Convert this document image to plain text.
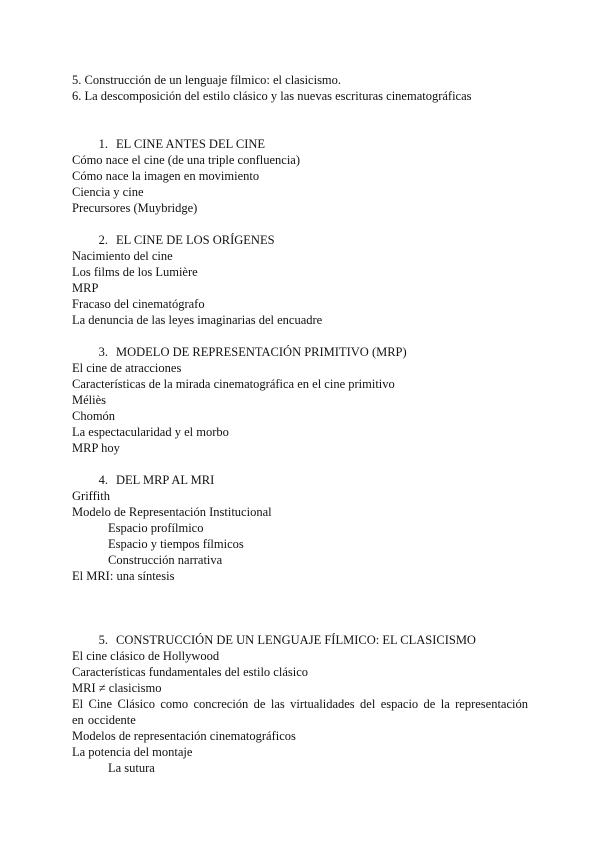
5. Construcción de un lenguaje fílmico: el clasicismo.
6. La descomposición del estilo clásico y las nuevas escrituras cinematográficas
1. EL CINE ANTES DEL CINE
Cómo nace el cine (de una triple confluencia)
Cómo nace la imagen en movimiento
Ciencia y cine
Precursores (Muybridge)
2. EL CINE DE LOS ORÍGENES
Nacimiento del cine
Los films de los Lumière
MRP
Fracaso del cinematógrafo
La denuncia de las leyes imaginarias del encuadre
3. MODELO DE REPRESENTACIÓN PRIMITIVO (MRP)
El cine de atracciones
Características de la mirada cinematográfica en el cine primitivo
Méliès
Chomón
La espectacularidad y el morbo
MRP hoy
4. DEL MRP AL MRI
Griffith
Modelo de Representación Institucional
Espacio profílmico
Espacio y tiempos fílmicos
Construcción narrativa
El MRI: una síntesis
5. CONSTRUCCIÓN DE UN LENGUAJE FÍLMICO: EL CLASICISMO
El cine clásico de Hollywood
Características fundamentales del estilo clásico
MRI ≠ clasicismo
El Cine Clásico como concreción de las virtualidades del espacio de la representación en occidente
Modelos de representación cinematográficos
La potencia del montaje
La sutura
